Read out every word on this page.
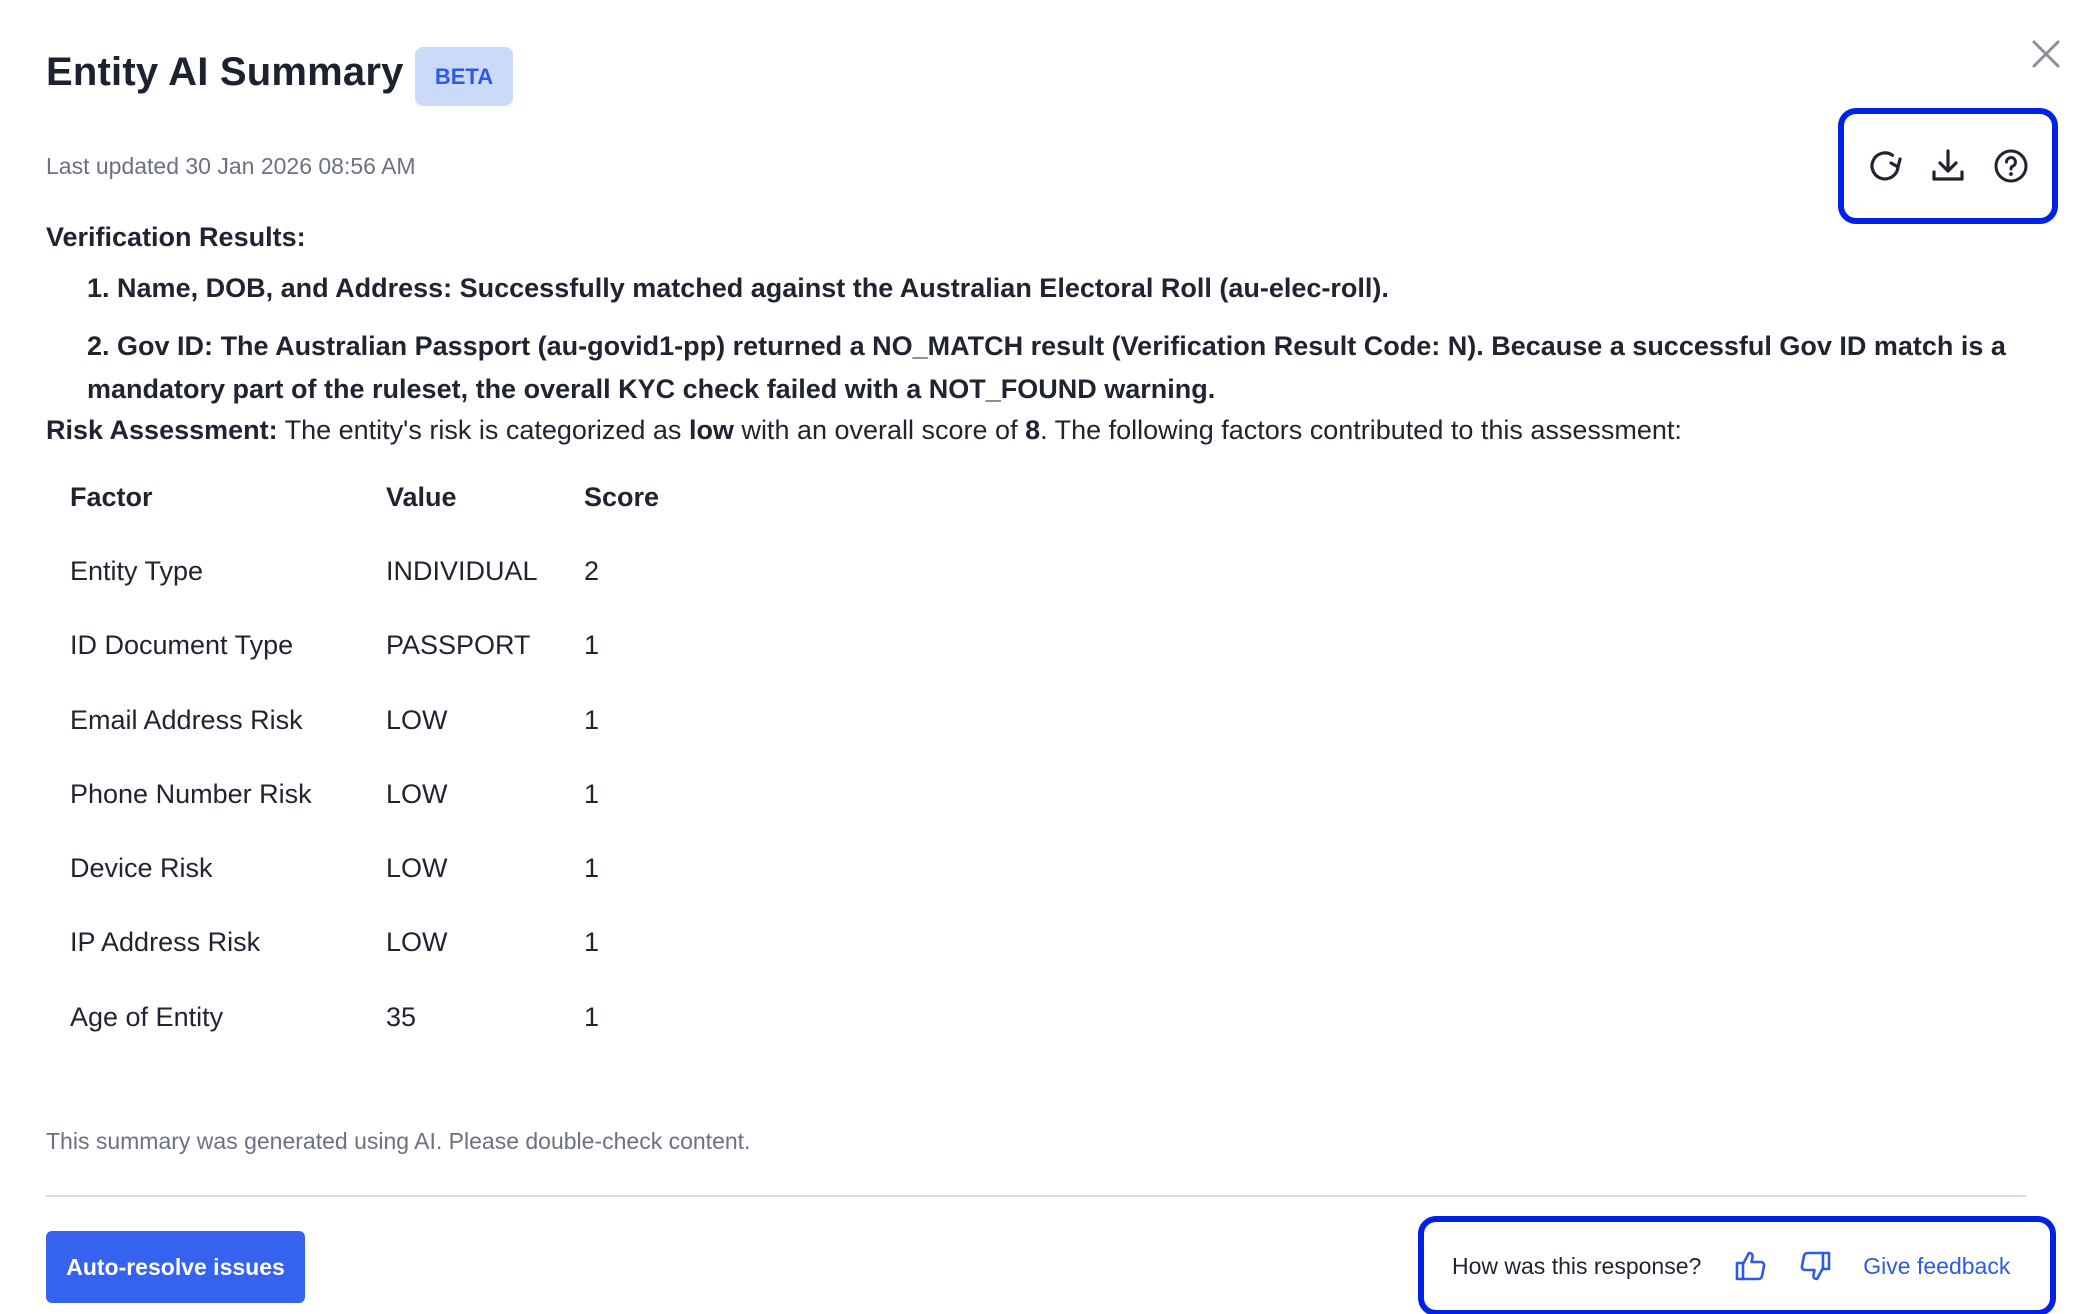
Entity AI Summary	BETA
Last updated 30 Jan 2026 08:56 AM
Verification Results:
1. Name, DOB, and Address: Successfully matched against the Australian Electoral Roll (au-elec-roll).
2. Gov ID: The Australian Passport (au-govid1-pp) returned a NO_MATCH result (Verification Result Code: N). Because a successful Gov ID match is a mandatory part of the ruleset, the overall KYC check failed with a NOT_FOUND warning.
Risk Assessment: The entity's risk is categorized as low with an overall score of 8. The following factors contributed to this assessment:
Factor	Value	Score
Entity Type	INDIVIDUAL	2
ID Document Type	PASSPORT	1
Email Address Risk	LOW	1
Phone Number Risk	LOW	1
Device Risk	LOW	1
IP Address Risk	LOW	1
Age of Entity	35	1
This summary was generated using AI. Please double-check content.
Auto-resolve issues	How was this response?	Give feedback
